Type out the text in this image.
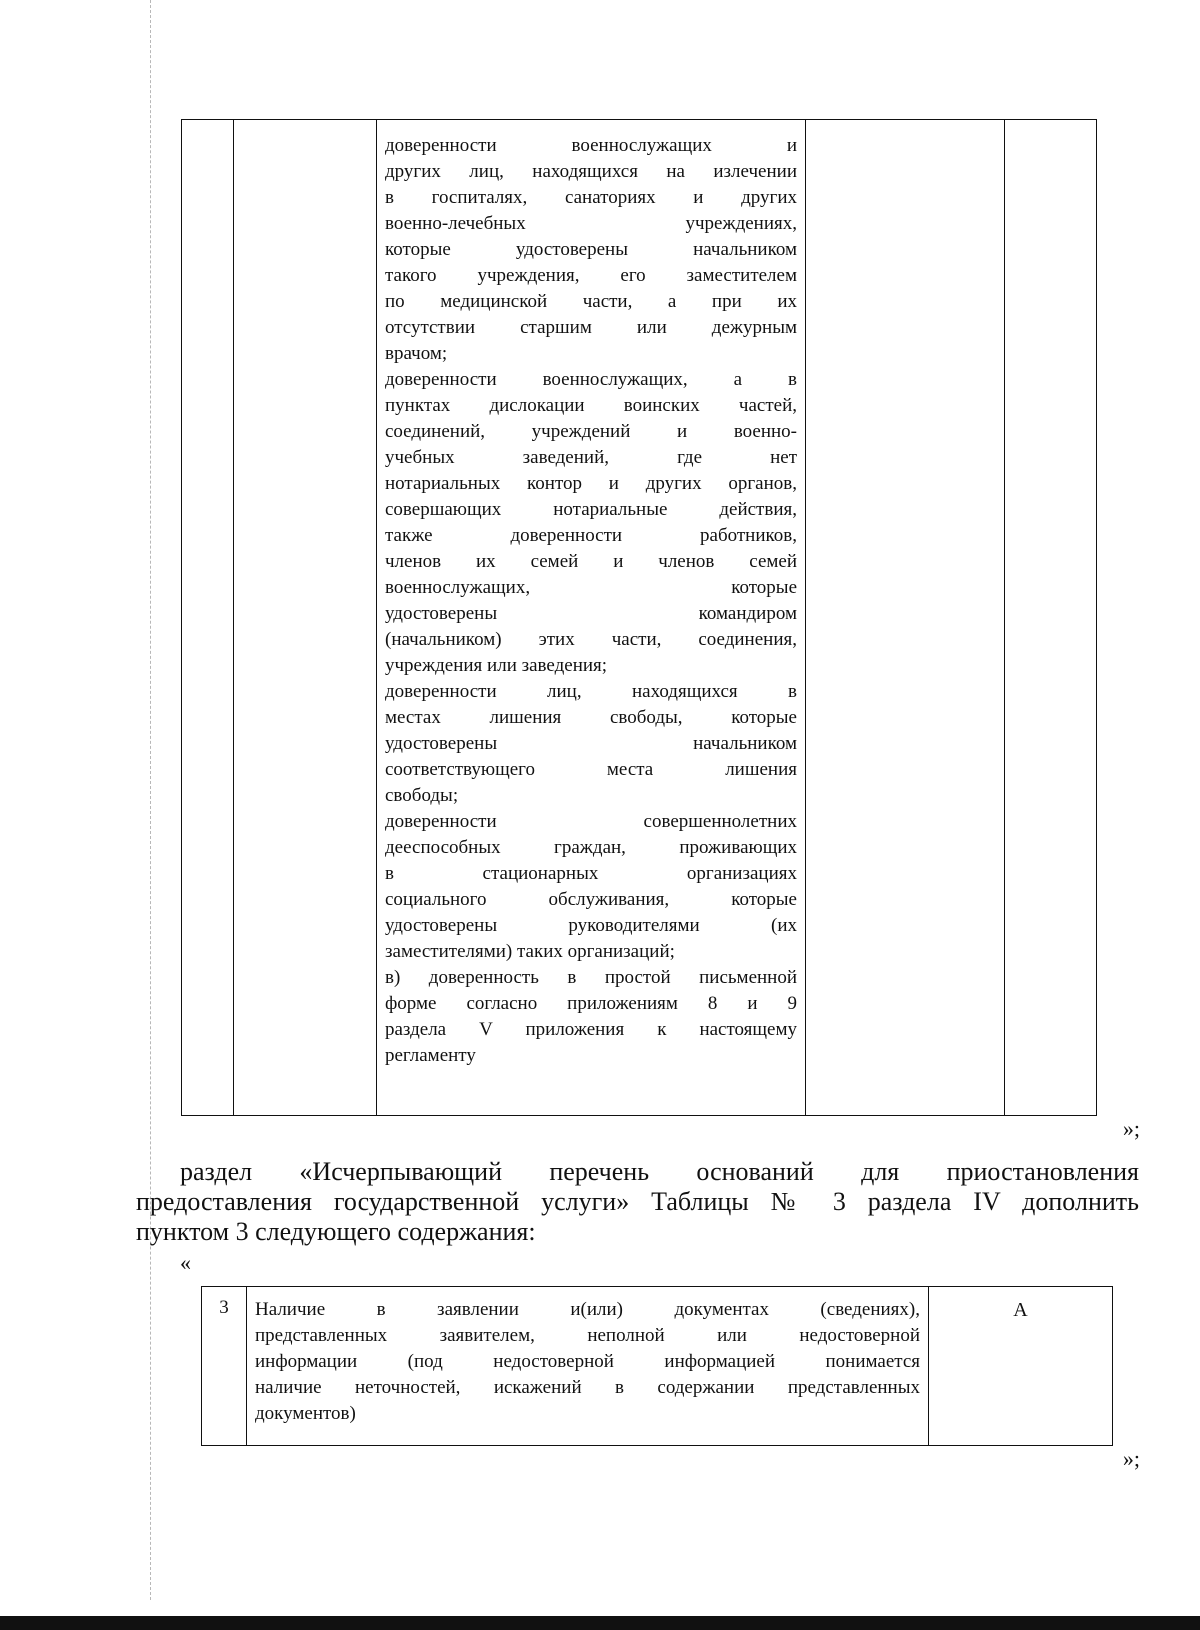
доверенности военнослужащих и

других лиц, находящихся на излечении

в госпиталях, санаториях и других

военно-лечебных учреждениях,

которые удостоверены начальником

такого учреждения, его заместителем

по медицинской части, а при их

отсутствии старшим или дежурным

врачом;

доверенности военнослужащих, а в

пунктах дислокации воинских частей,

соединений, учреждений и военно-

учебных заведений, где нет

нотариальных контор и других органов,

совершающих нотариальные действия,

также доверенности работников,

членов их семей и членов семей

военнослужащих, которые

удостоверены командиром

(начальником) этих части, соединения,

учреждения или заведения;

доверенности лиц, находящихся в

местах лишения свободы, которые

удостоверены начальником

соответствующего места лишения

свободы;

доверенности совершеннолетних

дееспособных граждан, проживающих

в стационарных организациях

социального обслуживания, которые

удостоверены руководителями (их

заместителями) таких организаций;

в) доверенность в простой письменной

форме согласно приложениям 8 и 9

раздела V приложения к настоящему

регламенту

»;
раздел «Исчерпывающий перечень оснований для приостановления
предоставления государственной услуги» Таблицы № 3 раздела IV дополнить
пунктом 3 следующего содержания:
«
3	Наличие в заявлении и(или) документах (сведениях),

представленных заявителем, неполной или недостоверной

информации (под недостоверной информацией понимается

наличие неточностей, искажений в содержании представленных

документов)

	А
»;
